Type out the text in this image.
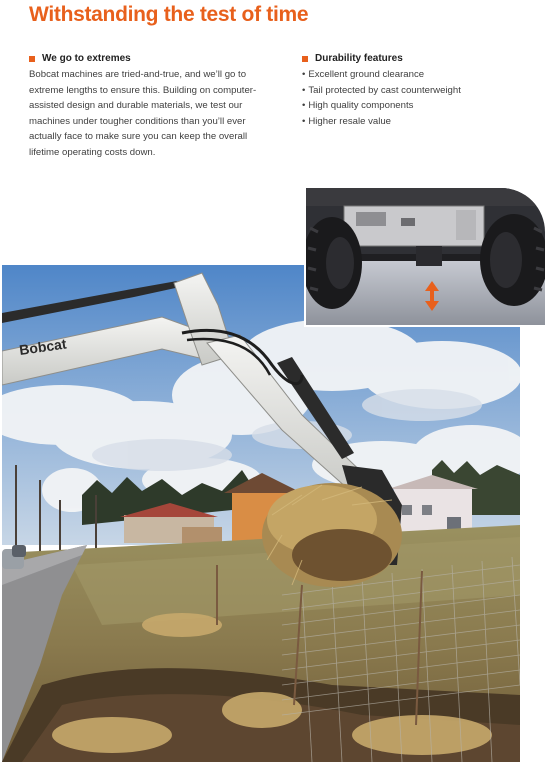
Withstanding the test of time
We go to extremes

Bobcat machines are tried-and-true, and we’ll go to
extreme lengths to ensure this. Building on computer-
assisted design and durable materials, we test our
machines under tougher conditions than you’ll ever
actually face to make sure you can keep the overall
lifetime operating costs down.

Durability features
• Excellent ground clearance
• Tail protected by cast counterweight
• High quality components
• Higher resale value
Bobcat
